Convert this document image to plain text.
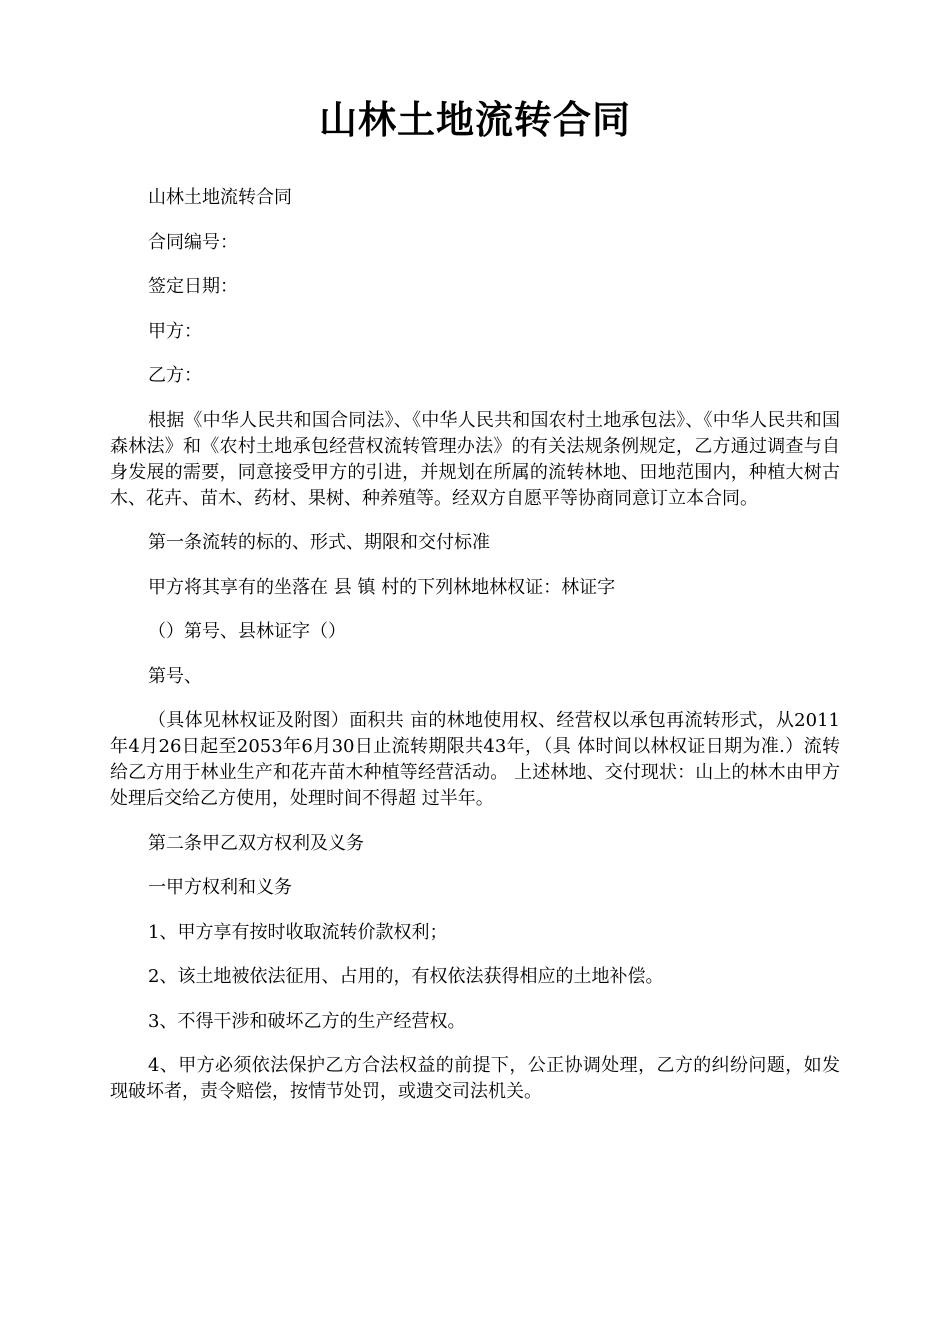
山林土地流转合同

山林土地流转合同

合同编号：

签定日期：

甲方：

乙方：

根据《中华人民共和国合同法》、《中华人民共和国农村土地承包法》、《中华人民共和国森林法》和《农村土地承包经营权流转管理办法》的有关法规条例规定，乙方通过调查与自身发展的需要，同意接受甲方的引进，并规划在所属的流转林地、田地范围内，种植大树古木、花卉、苗木、药材、果树、种养殖等。经双方自愿平等协商同意订立本合同。

第一条流转的标的、形式、期限和交付标准

甲方将其享有的坐落在 县 镇 村的下列林地林权证：林证字

（）第号、县林证字（）

第号、

（具体见林权证及附图）面积共 亩的林地使用权、经营权以承包再流转形式，从2011年4月26日起至2053年6月30日止流转期限共43年，（具 体时间以林权证日期为准.）流转给乙方用于林业生产和花卉苗木种植等经营活动。 上述林地、交付现状：山上的林木由甲方处理后交给乙方使用，处理时间不得超 过半年。

第二条甲乙双方权利及义务

一甲方权利和义务

1、甲方享有按时收取流转价款权利；

2、该土地被依法征用、占用的，有权依法获得相应的土地补偿。

3、不得干涉和破坏乙方的生产经营权。

4、甲方必须依法保护乙方合法权益的前提下，公正协调处理，乙方的纠纷问题，如发现破坏者，责令赔偿，按情节处罚，或遗交司法机关。
